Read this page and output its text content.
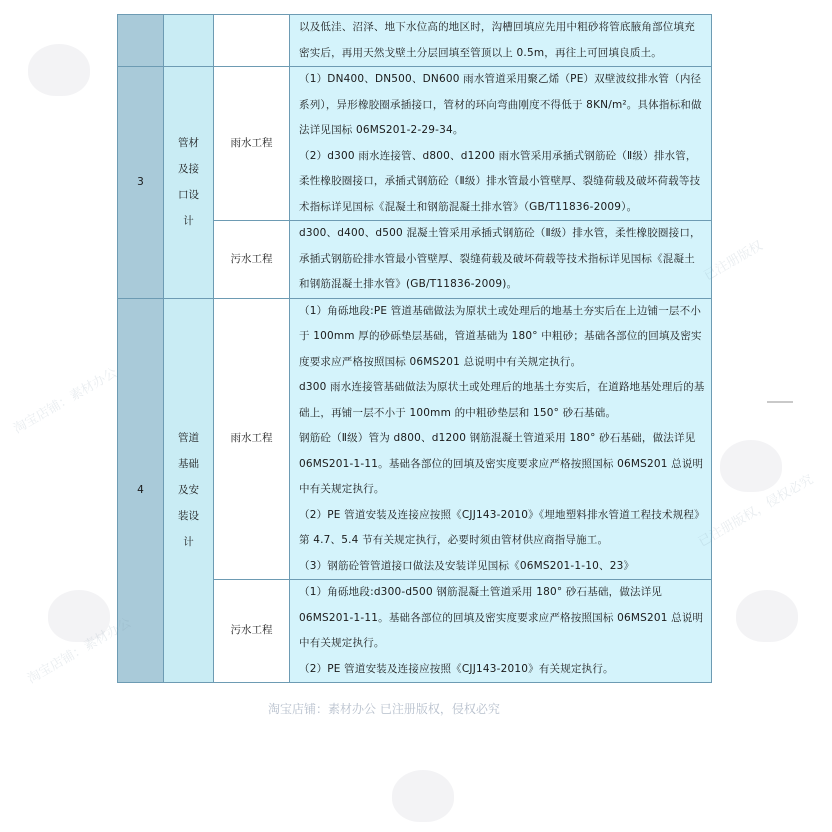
			以及低洼、沼泽、地下水位高的地区时，沟槽回填应先用中粗砂将管底腋角部位填充密实后，再用天然戈壁土分层回填至管顶以上 0.5m，再往上可回填良质土。

3	管材及接口设计	雨水工程	（1）DN400、DN500、DN600 雨水管道采用聚乙烯（PE）双壁波纹排水管（内径系列），异形橡胶圈承插接口，管材的环向弯曲刚度不得低于 8KN/m²。具体指标和做法详见国标 06MS201-2-29-34。
（2）d300 雨水连接管、d800、d1200 雨水管采用承插式钢筋砼（Ⅱ级）排水管，柔性橡胶圈接口，承插式钢筋砼（Ⅱ级）排水管最小管壁厚、裂缝荷载及破坏荷载等技术指标详见国标《混凝土和钢筋混凝土排水管》（GB/T11836-2009）。

		污水工程	d300、d400、d500 混凝土管采用承插式钢筋砼（Ⅱ级）排水管，柔性橡胶圈接口，承插式钢筋砼排水管最小管壁厚、裂缝荷载及破坏荷载等技术指标详见国标《混凝土和钢筋混凝土排水管》(GB/T11836-2009)。

4	管道基础及安装设计	雨水工程	（1）角砾地段:PE 管道基础做法为原状土或处理后的地基土夯实后在上边铺一层不小于 100mm 厚的砂砾垫层基础，管道基础为 180° 中粗砂；基础各部位的回填及密实度要求应严格按照国标 06MS201 总说明中有关规定执行。
d300 雨水连接管基础做法为原状土或处理后的地基土夯实后，在道路地基处理后的基础上，再铺一层不小于 100mm 的中粗砂垫层和 150° 砂石基础。
钢筋砼（Ⅱ级）管为 d800、d1200 钢筋混凝土管道采用 180° 砂石基础，做法详见 06MS201-1-11。基础各部位的回填及密实度要求应严格按照国标 06MS201 总说明中有关规定执行。
（2）PE 管道安装及连接应按照《CJJ143-2010》《埋地塑料排水管道工程技术规程》第 4.7、5.4 节有关规定执行，必要时须由管材供应商指导施工。
（3）钢筋砼管管道接口做法及安装详见国标《06MS201-1-10、23》

		污水工程	（1）角砾地段:d300-d500 钢筋混凝土管道采用 180° 砂石基础，做法详见 06MS201-1-11。基础各部位的回填及密实度要求应严格按照国标 06MS201 总说明中有关规定执行。
（2）PE 管道安装及连接应按照《CJJ143-2010》有关规定执行。
已注册版权
淘宝店铺：素材办公
已注册版权，侵权必究
淘宝店铺：素材办公
淘宝店铺：素材办公 已注册版权，侵权必究
